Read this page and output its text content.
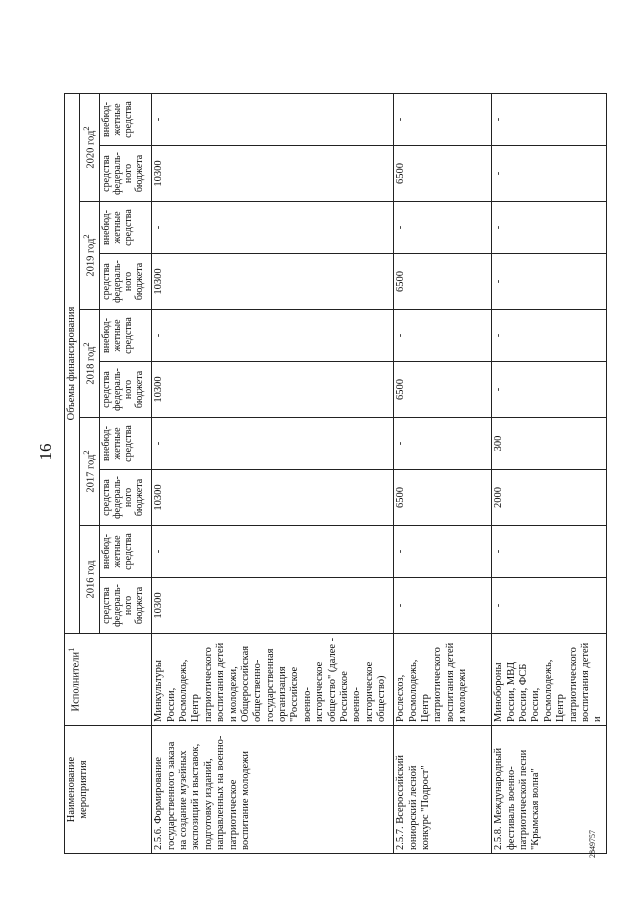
16
Наименование мероприятия	Исполнители$^1$	Объемы финансирования									
		2016 год		2017 год$^2$		2018 год$^2$		2019 год$^2$		2020 год$^2$
		средства федераль-ного бюджета	внебюд-жетные средства	средства федераль-ного бюджета	внебюд-жетные средства	средства федераль-ного бюджета	внебюд-жетные средства	средства федераль-ного бюджета	внебюд-жетные средства	средства федераль-ного бюджета	внебюд-жетные средства
2.5.6. Формирование государственного заказа на создание музейных экспозиций и выставок, подготовку изданий, направленных на военно-патриотическое воспитание молодежи	Минкультуры России, Росмолодежь, Центр патриотического воспитания детей и молодежи, Общероссийская общественно-государственная организация "Российское военно-историческое общество" (далее - Российское военно-историческое общество)	10300	-	10300	-	10300	-	10300	-	10300	-
2.5.7. Всероссийский юниорский лесной конкурс "Подрост"	Рослесхоз, Росмолодежь, Центр патриотического воспитания детей и молодежи	-	-	6500	-	6500	-	6500	-	6500	-
2.5.8. Международный фестиваль военно-патриотической песни "Крымская волна"	Минобороны России, МВД России, ФСБ России, Росмолодежь, Центр патриотического воспитания детей и	-	-	2000	300	-	-	-	-	-	-
2849757
